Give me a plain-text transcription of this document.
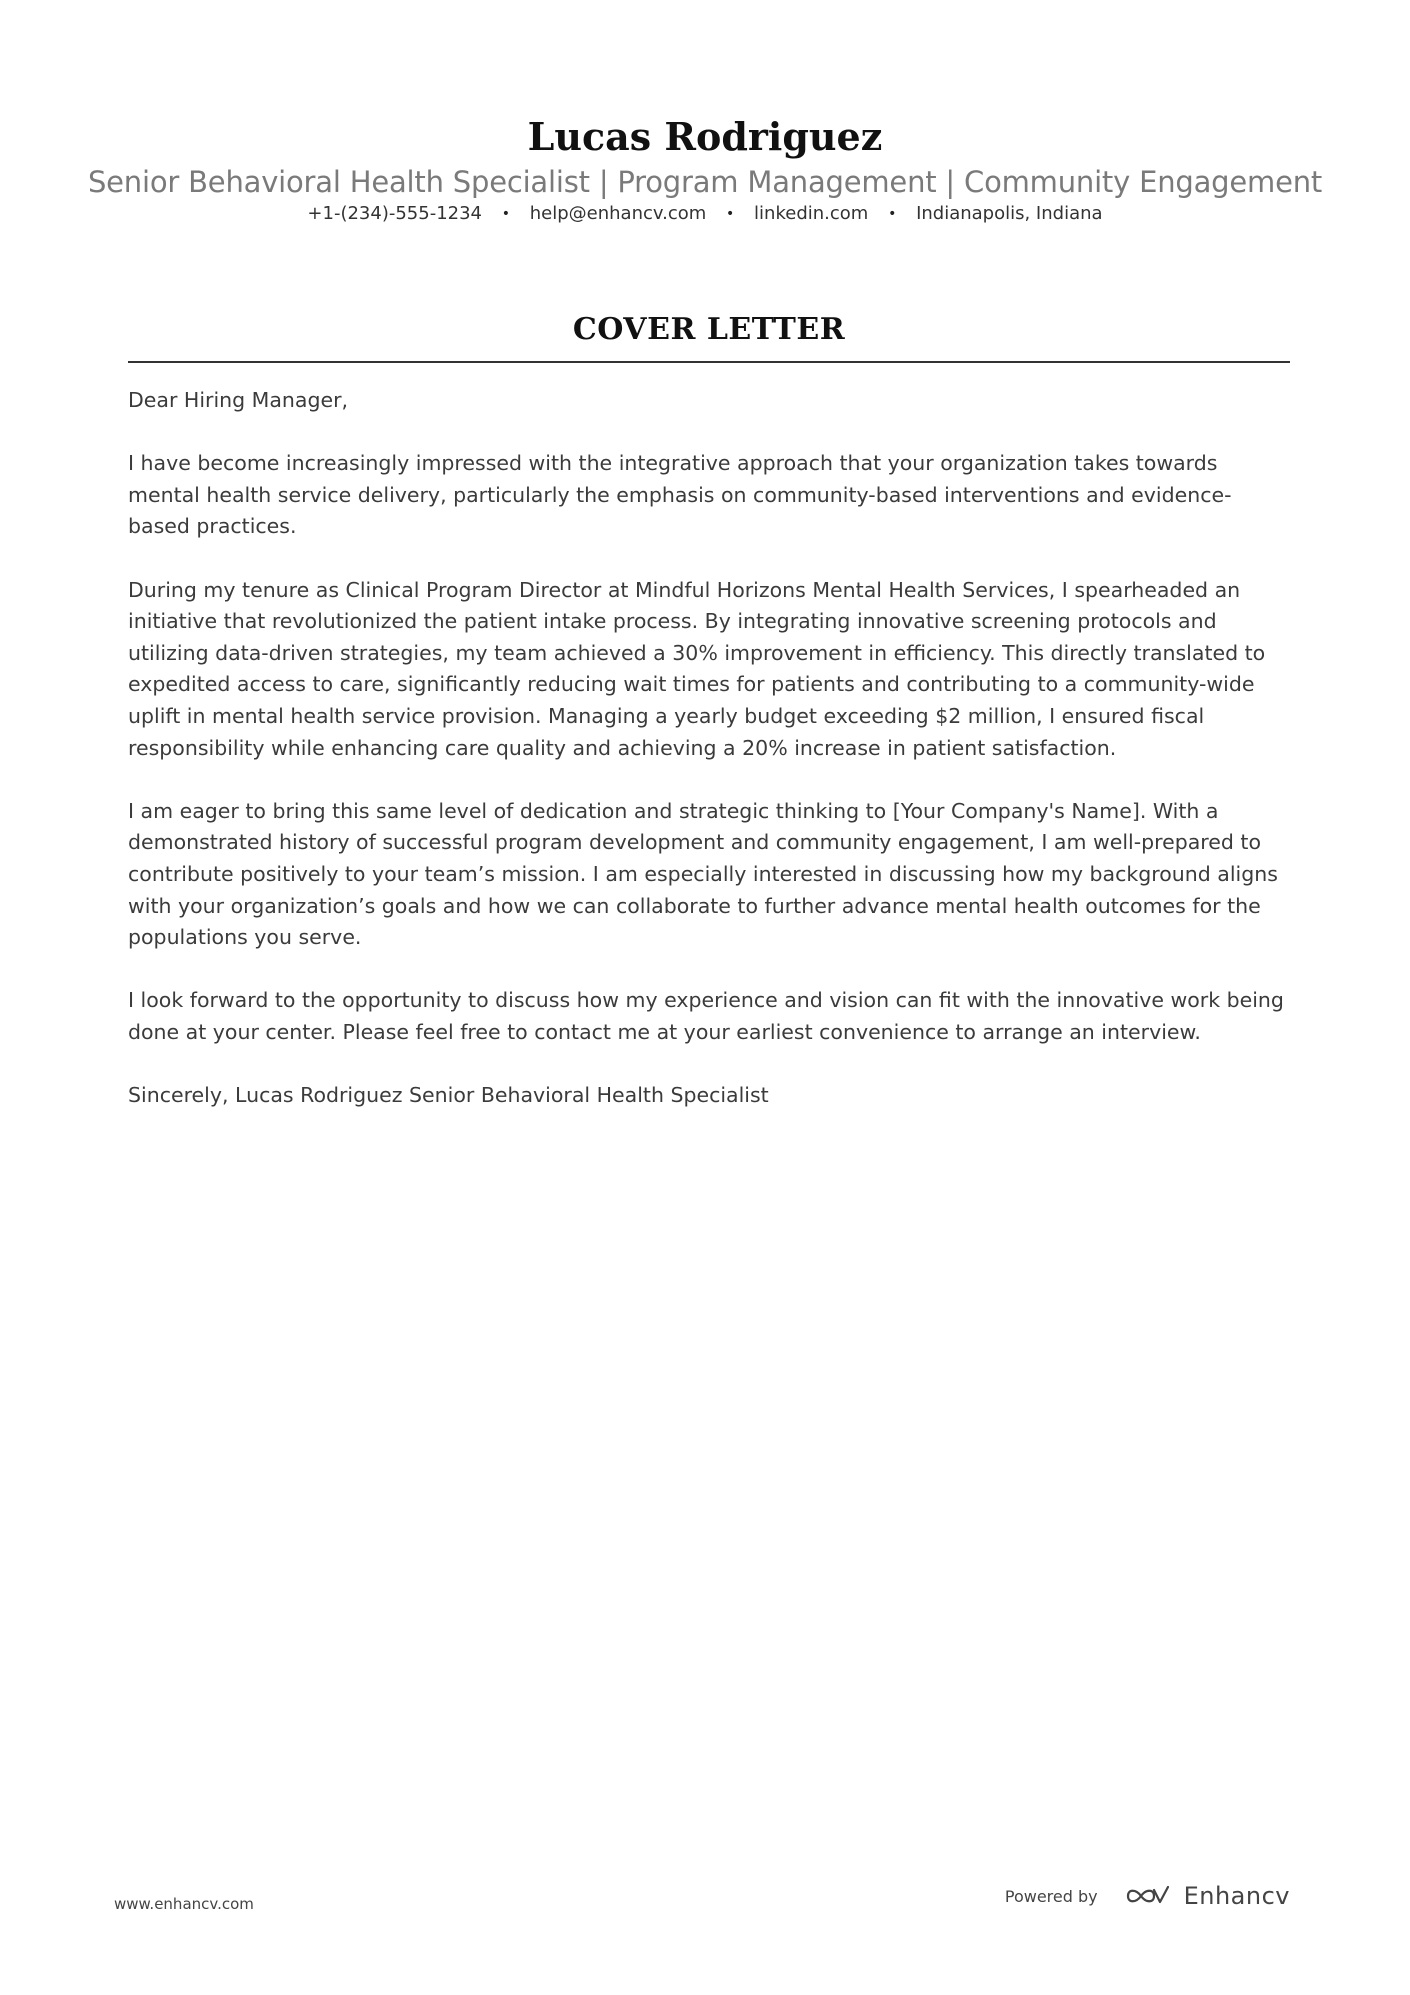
Lucas Rodriguez
Senior Behavioral Health Specialist | Program Management | Community Engagement
+1-(234)-555-1234 • help@enhancv.com • linkedin.com • Indianapolis, Indiana
COVER LETTER

Dear Hiring Manager,

I have become increasingly impressed with the integrative approach that your organization takes towards mental health service delivery, particularly the emphasis on community-based interventions and evidence-based practices.

During my tenure as Clinical Program Director at Mindful Horizons Mental Health Services, I spearheaded an initiative that revolutionized the patient intake process. By integrating innovative screening protocols and utilizing data-driven strategies, my team achieved a 30% improvement in efficiency. This directly translated to expedited access to care, significantly reducing wait times for patients and contributing to a community-wide uplift in mental health service provision. Managing a yearly budget exceeding $2 million, I ensured fiscal responsibility while enhancing care quality and achieving a 20% increase in patient satisfaction.

I am eager to bring this same level of dedication and strategic thinking to [Your Company's Name]. With a demonstrated history of successful program development and community engagement, I am well-prepared to contribute positively to your team’s mission. I am especially interested in discussing how my background aligns with your organization’s goals and how we can collaborate to further advance mental health outcomes for the populations you serve.

I look forward to the opportunity to discuss how my experience and vision can fit with the innovative work being done at your center. Please feel free to contact me at your earliest convenience to arrange an interview.

Sincerely, Lucas Rodriguez Senior Behavioral Health Specialist

www.enhancv.com	Powered by	Enhancv
